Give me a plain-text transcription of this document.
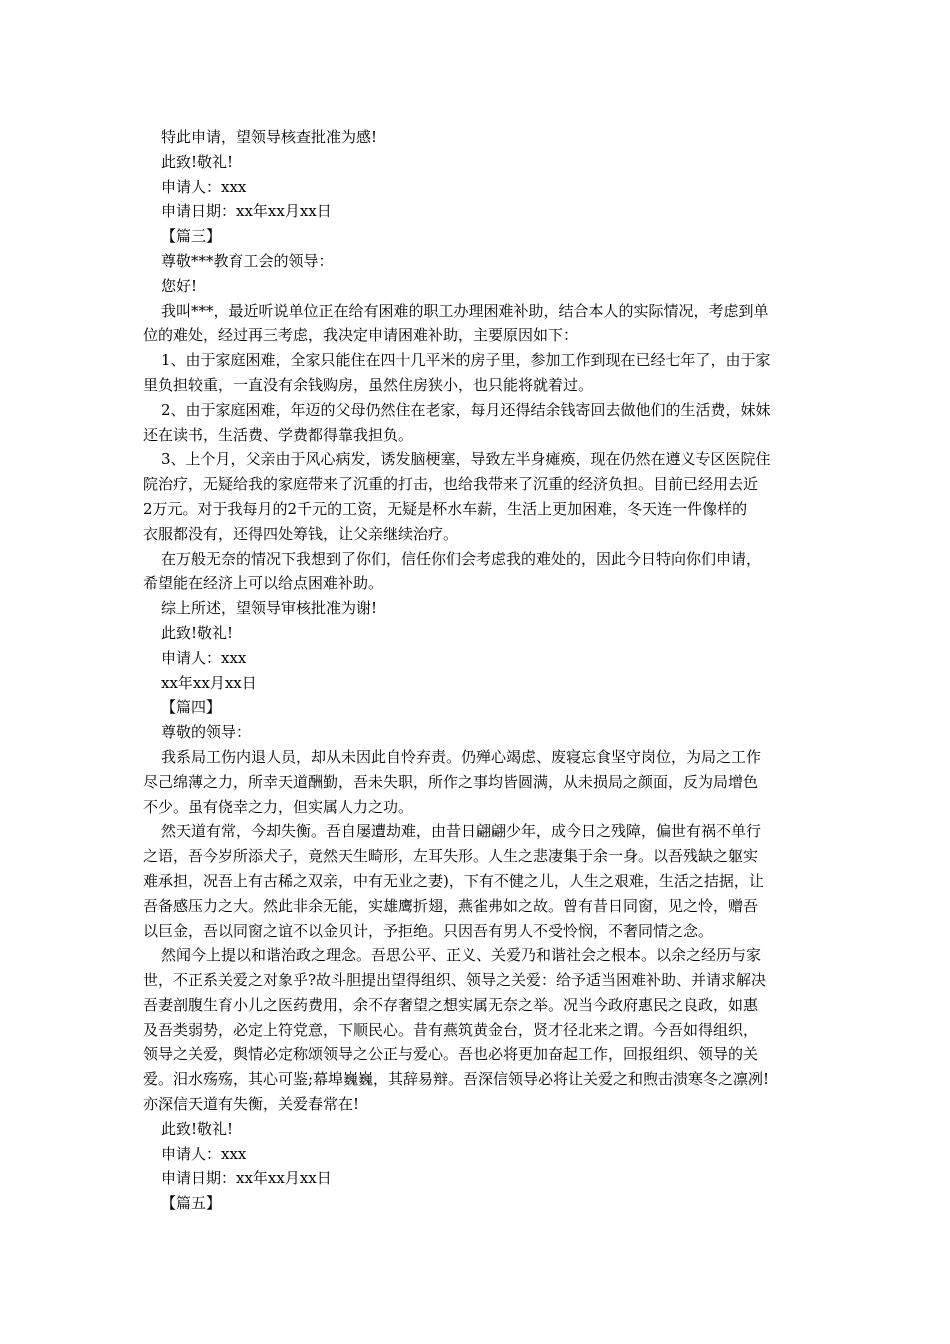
特此申请，望领导核查批准为感!

此致!敬礼!

申请人：xxx

申请日期：xx年xx月xx日

【篇三】

尊敬***教育工会的领导：

您好!

我叫***，最近听说单位正在给有困难的职工办理困难补助，结合本人的实际情况，考虑到单

位的难处，经过再三考虑，我决定申请困难补助，主要原因如下：

1、由于家庭困难，全家只能住在四十几平米的房子里，参加工作到现在已经七年了，由于家

里负担较重，一直没有余钱购房，虽然住房狭小，也只能将就着过。

2、由于家庭困难，年迈的父母仍然住在老家，每月还得结余钱寄回去做他们的生活费，妹妹

还在读书，生活费、学费都得靠我担负。

3、上个月，父亲由于风心病发，诱发脑梗塞，导致左半身瘫痪，现在仍然在遵义专区医院住

院治疗，无疑给我的家庭带来了沉重的打击，也给我带来了沉重的经济负担。目前已经用去近

2万元。对于我每月的2千元的工资，无疑是杯水车薪，生活上更加困难，冬天连一件像样的

衣服都没有，还得四处筹钱，让父亲继续治疗。

在万般无奈的情况下我想到了你们，信任你们会考虑我的难处的，因此今日特向你们申请，

希望能在经济上可以给点困难补助。

综上所述，望领导审核批准为谢!

此致!敬礼!

申请人：xxx

xx年xx月xx日

【篇四】

尊敬的领导：

我系局工伤内退人员，却从未因此自怜弃责。仍殚心竭虑、废寝忘食坚守岗位，为局之工作

尽己绵薄之力，所幸天道酬勤，吾未失职，所作之事均皆圆满，从未损局之颜面，反为局增色

不少。虽有侥幸之力，但实属人力之功。

然天道有常，今却失衡。吾自屡遭劫难，由昔日翩翩少年，成今日之残障，偏世有祸不单行

之语，吾今岁所添犬子，竟然天生畸形，左耳失形。人生之悲凄集于余一身。以吾残缺之躯实

难承担，况吾上有古稀之双亲，中有无业之妻)，下有不健之儿，人生之艰难，生活之拮据，让

吾备感压力之大。然此非余无能，实雄鹰折翅，燕雀弗如之故。曾有昔日同窗，见之怜，赠吾

以巨金，吾以同窗之谊不以金贝计，予拒绝。只因吾有男人不受怜悯，不奢同情之念。

然闻今上提以和谐治政之理念。吾思公平、正义、关爱乃和谐社会之根本。以余之经历与家

世，不正系关爱之对象乎?故斗胆提出望得组织、领导之关爱：给予适当困难补助、并请求解决

吾妻剖腹生育小儿之医药费用，余不存奢望之想实属无奈之举。况当今政府惠民之良政，如惠

及吾类弱势，必定上符党意，下顺民心。昔有燕筑黄金台，贤才径北来之谓。今吾如得组织，

领导之关爱，舆情必定称颂领导之公正与爱心。吾也必将更加奋起工作，回报组织、领导的关

爱。汨水殇殇，其心可鉴;幕埠巍巍，其辞易辩。吾深信领导必将让关爱之和煦击溃寒冬之凛冽!

亦深信天道有失衡，关爱春常在!

此致!敬礼!

申请人：xxx

申请日期：xx年xx月xx日

【篇五】
